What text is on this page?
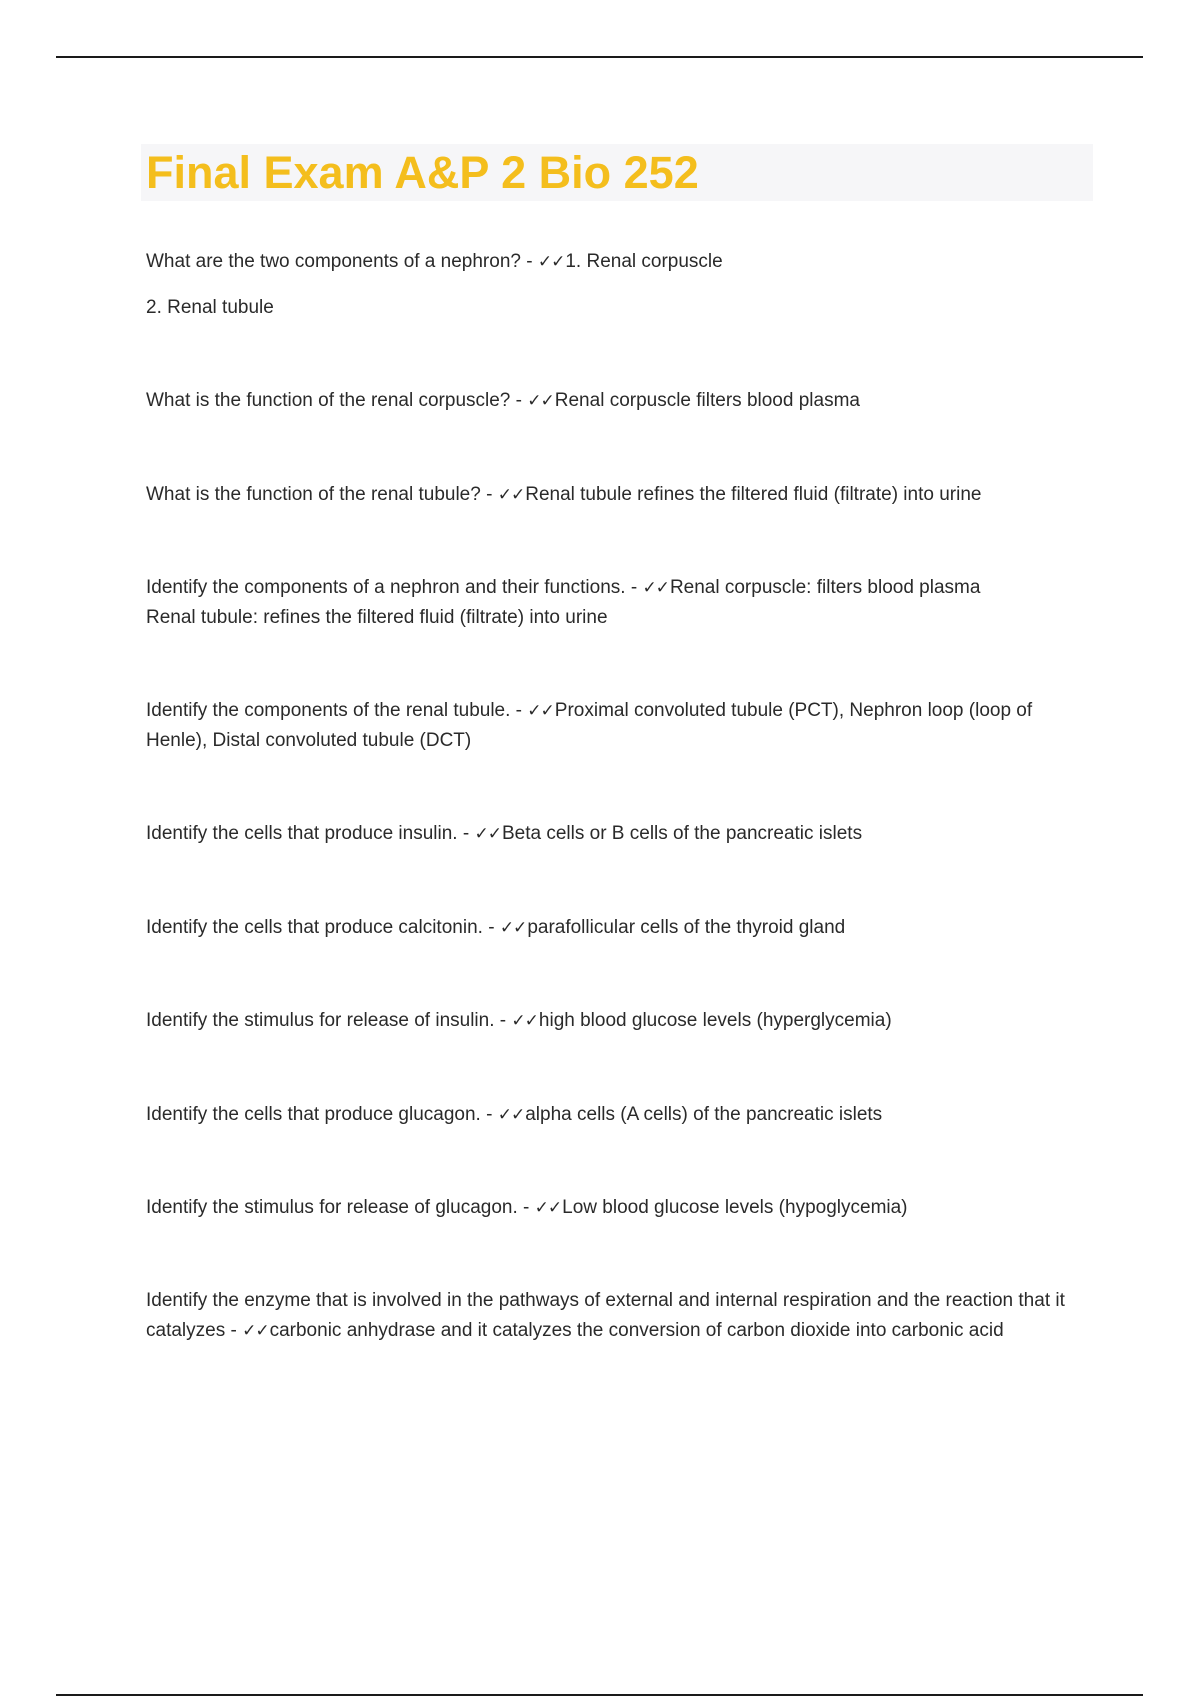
Final Exam A&P 2 Bio 252

What are the two components of a nephron? - ✓✓1. Renal corpuscle

2. Renal tubule

What is the function of the renal corpuscle? - ✓✓Renal corpuscle filters blood plasma

What is the function of the renal tubule? - ✓✓Renal tubule refines the filtered fluid (filtrate) into urine

Identify the components of a nephron and their functions. - ✓✓Renal corpuscle: filters blood plasma
Renal tubule: refines the filtered fluid (filtrate) into urine

Identify the components of the renal tubule. - ✓✓Proximal convoluted tubule (PCT), Nephron loop (loop of Henle), Distal convoluted tubule (DCT)

Identify the cells that produce insulin. - ✓✓Beta cells or B cells of the pancreatic islets

Identify the cells that produce calcitonin. - ✓✓parafollicular cells of the thyroid gland

Identify the stimulus for release of insulin. - ✓✓high blood glucose levels (hyperglycemia)

Identify the cells that produce glucagon. - ✓✓alpha cells (A cells) of the pancreatic islets

Identify the stimulus for release of glucagon. - ✓✓Low blood glucose levels (hypoglycemia)

Identify the enzyme that is involved in the pathways of external and internal respiration and the reaction that it catalyzes - ✓✓carbonic anhydrase and it catalyzes the conversion of carbon dioxide into carbonic acid
